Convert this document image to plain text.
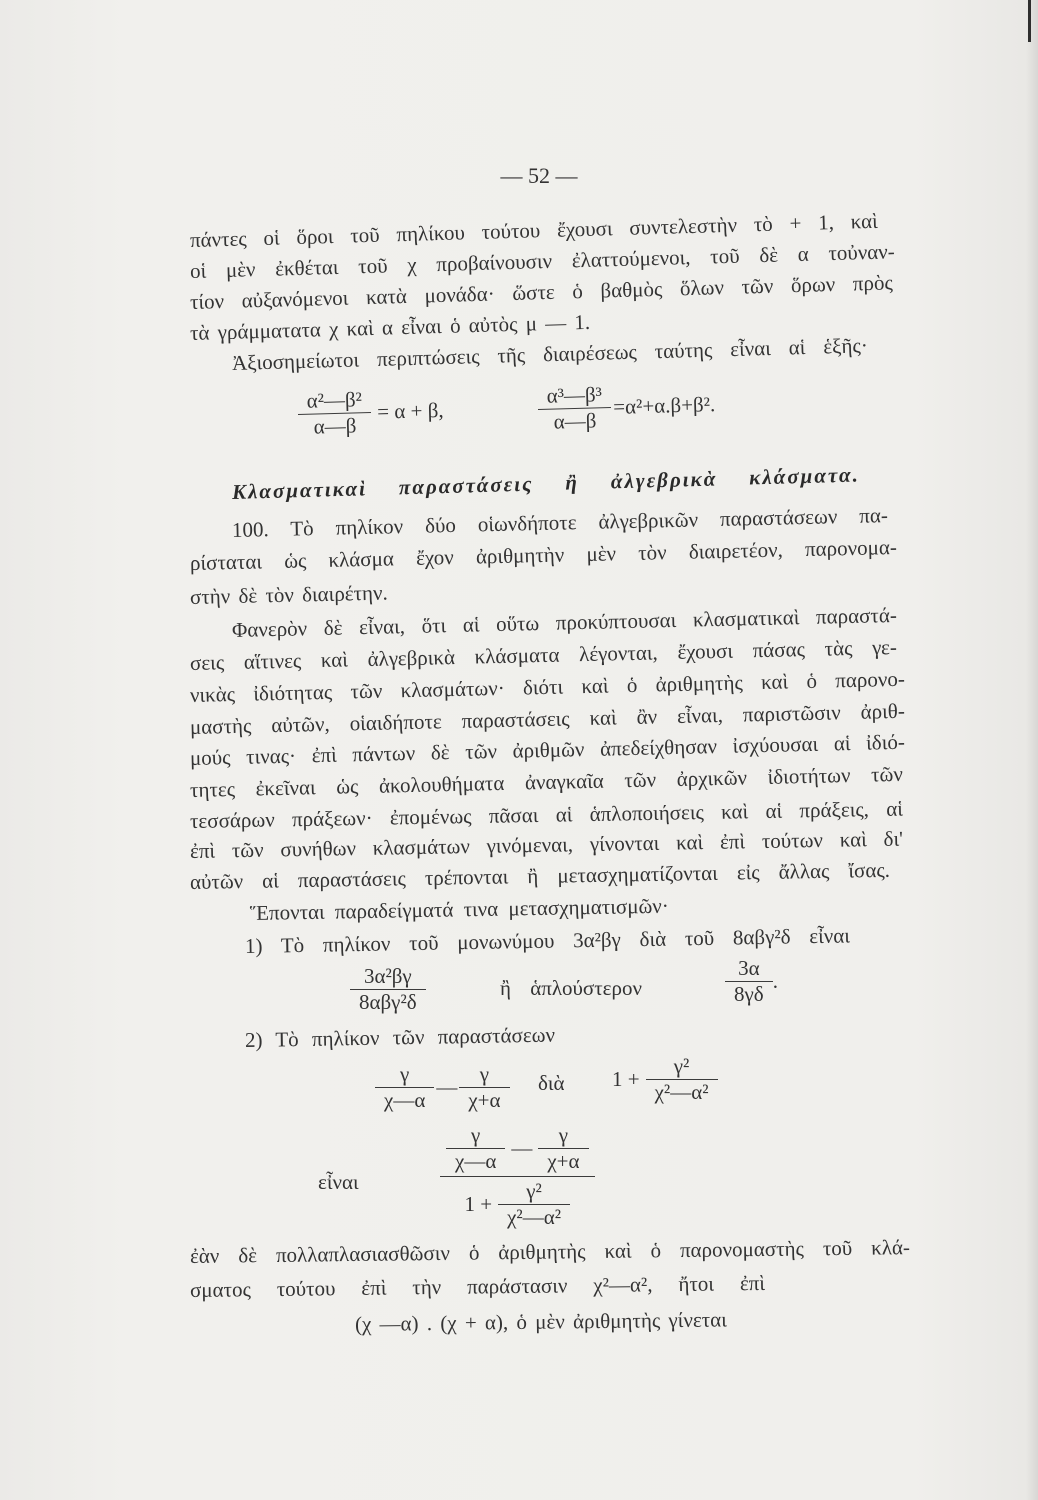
— 52 —
πάντες οἱ ὅροι τοῦ πηλίκου τούτου ἔχουσι συντελεστὴν τὸ + 1, καὶ
οἱ μὲν ἐκθέται τοῦ χ προβαίνουσιν ἐλαττούμενοι, τοῦ δὲ α τοὐναν-
τίον αὐξανόμενοι κατὰ μονάδα· ὥστε ὁ βαθμὸς ὅλων τῶν ὅρων πρὸς
τὰ γράμματατα χ καὶ α εἶναι ὁ αὐτὸς μ — 1.
Ἀξιοσημείωτοι περιπτώσεις τῆς διαιρέσεως ταύτης εἶναι αἱ ἑξῆς·
$\frac{\text{α²—β²}}{\alpha—\beta} = \alpha + \beta$,	$\frac{\text{α³—β³}}{\alpha—\beta} =\alpha^2+\alpha.\beta+\beta^2$.
Κλασματικαὶ παραστάσεις ἢ ἀλγεβρικὰ κλάσματα.
100. Τὸ πηλίκον δύο οἱωνδήποτε ἀλγεβρικῶν παραστάσεων πα-
ρίσταται ὡς κλάσμα ἔχον ἀριθμητὴν μὲν τὸν διαιρετέον, παρονομα-
στὴν δὲ τὸν διαιρέτην.
Φανερὸν δὲ εἶναι, ὅτι αἱ οὕτω προκύπτουσαι κλασματικαὶ παραστά-
σεις αἵτινες καὶ ἀλγεβρικὰ κλάσματα λέγονται, ἔχουσι πάσας τὰς γε-
νικὰς ἰδιότητας τῶν κλασμάτων· διότι καὶ ὁ ἀριθμητὴς καὶ ὁ παρονο-
μαστὴς αὐτῶν, οἱαιδήποτε παραστάσεις καὶ ἂν εἶναι, παριστῶσιν ἀριθ-
μούς τινας· ἐπὶ πάντων δὲ τῶν ἀριθμῶν ἀπεδείχθησαν ἰσχύουσαι αἱ ἰδιό-
τητες ἐκεῖναι ὡς ἀκολουθήματα ἀναγκαῖα τῶν ἀρχικῶν ἰδιοτήτων τῶν
τεσσάρων πράξεων· ἐπομένως πᾶσαι αἱ ἁπλοποιήσεις καὶ αἱ πράξεις, αἱ
ἐπὶ τῶν συνήθων κλασμάτων γινόμεναι, γίνονται καὶ ἐπὶ τούτων καὶ δι'
αὐτῶν αἱ παραστάσεις τρέπονται ἢ μετασχηματίζονται εἰς ἄλλας ἴσας.
Ἕπονται παραδείγματά τινα μετασχηματισμῶν·
1) Τὸ πηλίκον τοῦ μονωνύμου 3α²βγ διὰ τοῦ 8αβγ²δ εἶναι
$\frac{\text{3α²βγ}}{\text{8αβγ²δ}}$	ἢ ἁπλούστερον	$\frac{3\alpha}{8\gamma\delta}$ .
2) Τὸ πηλίκον τῶν παραστάσεων
$\frac{\gamma}{\chi—\alpha}$ — $\frac{\gamma}{\chi+\alpha}$ διὰ $1 + \frac{\text{γ²}}{\text{χ²—α²}}$
εἶναι	$\frac{\frac{\gamma}{\chi—\alpha} — \frac{\gamma}{\chi+\alpha}}{1 + \frac{\text{γ²}}{\text{χ²—α²}}}$
ἐὰν δὲ πολλαπλασιασθῶσιν ὁ ἀριθμητὴς καὶ ὁ παρονομαστὴς τοῦ κλά-
σματος τούτου ἐπὶ τὴν παράστασιν χ²—α², ἤτοι ἐπὶ
(χ —α) . (χ + α), ὁ μὲν ἀριθμητὴς γίνεται
